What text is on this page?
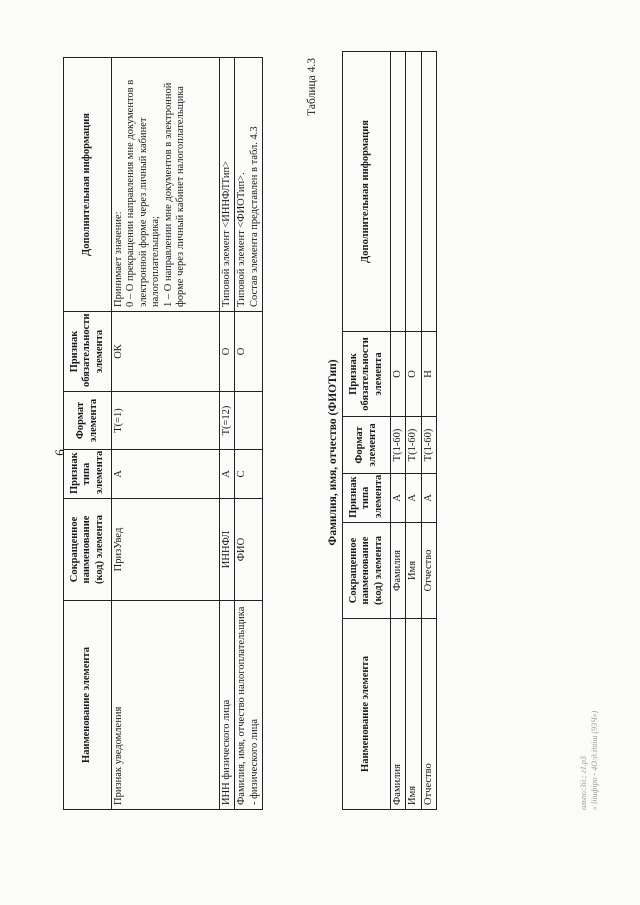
6
Наименование элемента	Сокращенное наименование (код) элемента	Признак типа элемента	Формат элемента	Признак обязательности элемента	Дополнительная информация
Признак уведомления	ПризУвед	А	Т(=1)	ОК	Принимает значение: 0 – О прекращении направления мне документов в электронной форме через личный кабинет налогоплательщика; 1 – О направлении мне документов в электронной форме через личный кабинет налогоплательщика

ИНН физического лица	ИННФЛ	А	Т(=12)	О	Типовой элемент <ИННФЛТип>
Фамилия, имя, отчество налогоплательщика - физического лица	ФИО	С		О	Типовой элемент <ФИОТип>. Состав элемента представлен в табл. 4.3
Таблица 4.3
Фамилия, имя, отчество (ФИОТип)
Наименование элемента	Сокращенное наименование (код) элемента	Признак типа элемента	Формат элемента	Признак обязательности элемента	Дополнительная информация
Фамилия	Фамилия	А	Т(1-60)	О	
Имя	Имя	А	Т(1-60)	О	
Отчество	Отчество	А	Т(1-60)	Н	
ольпо:3іі.; г1.рЗ « lііифіро - 4О:д.ііиіш (93Ч»)
